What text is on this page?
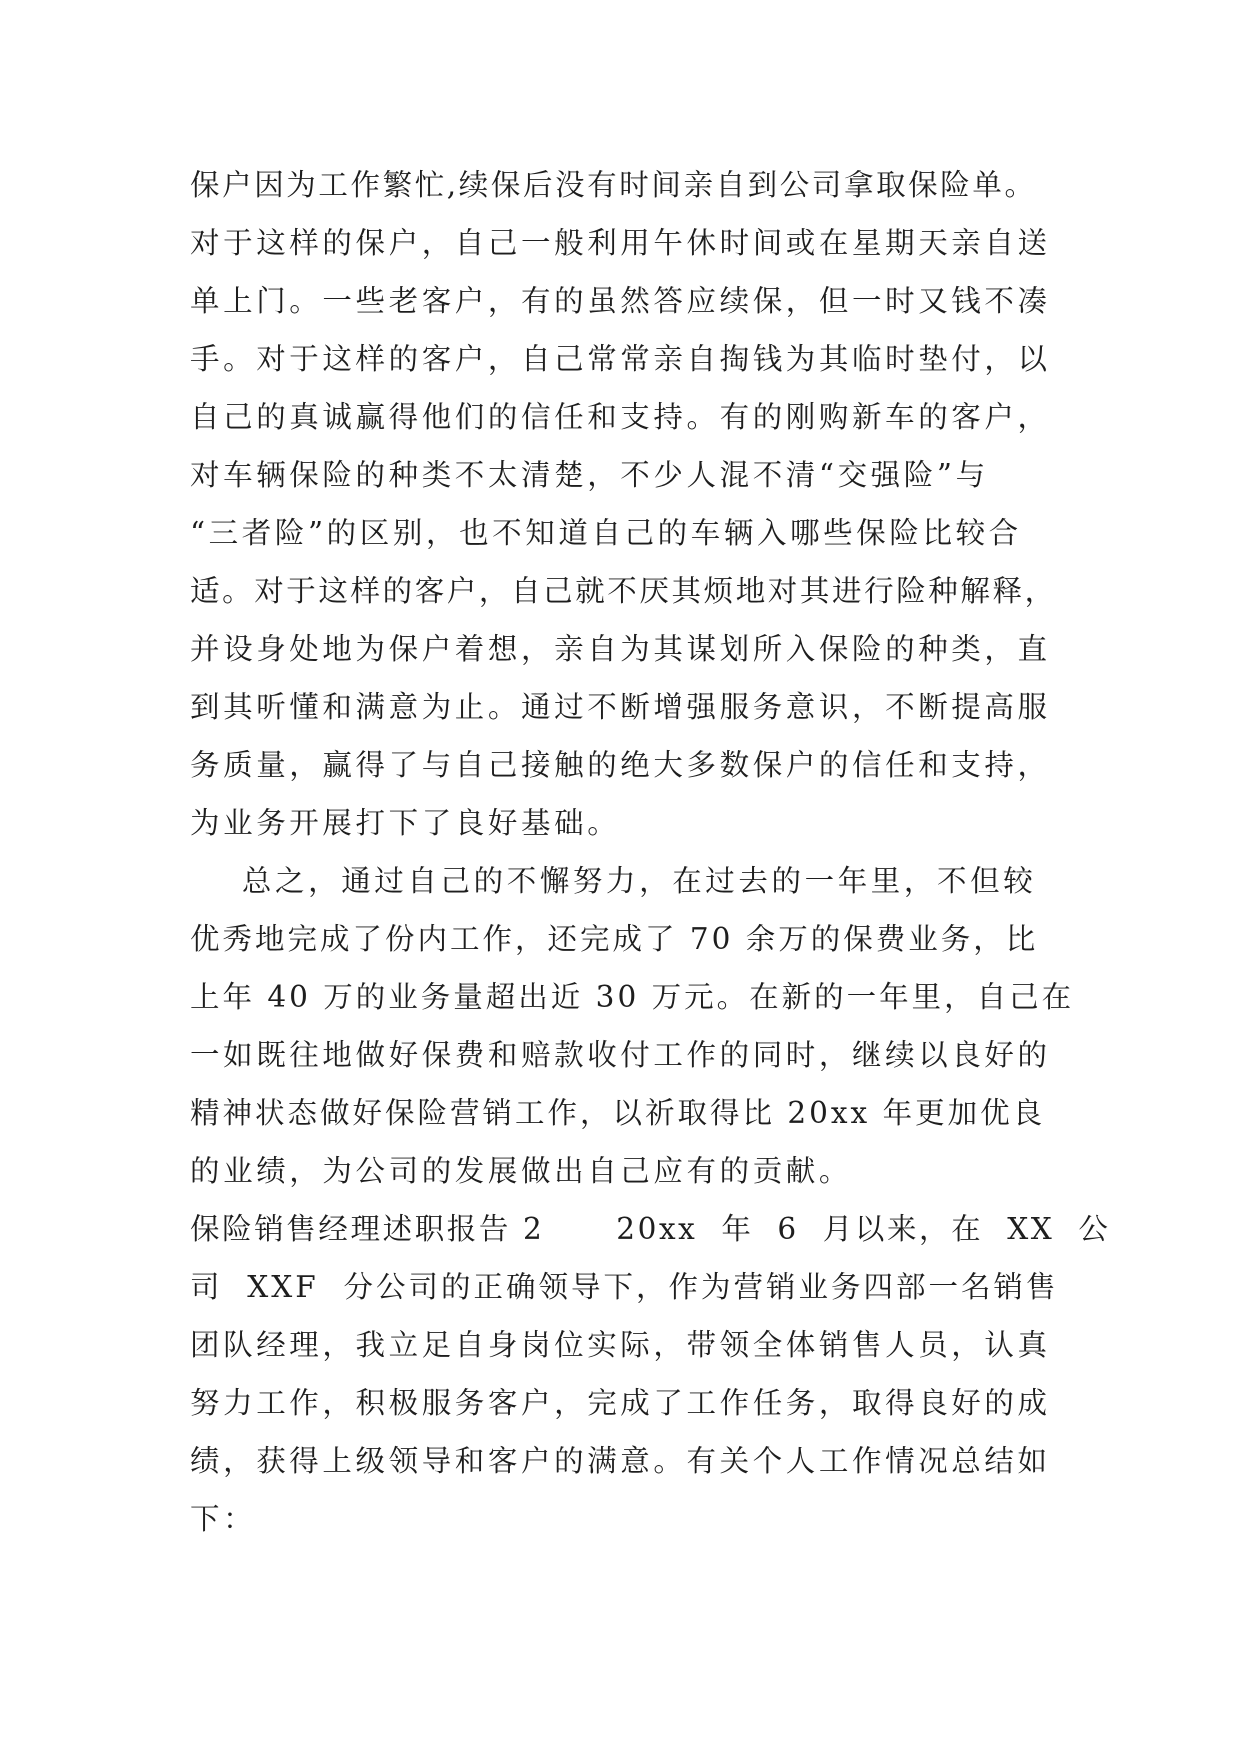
保户因为工作繁忙,续保后没有时间亲自到公司拿取保险单。
对于这样的保户，自己一般利用午休时间或在星期天亲自送
单上门。一些老客户，有的虽然答应续保，但一时又钱不凑
手。对于这样的客户，自己常常亲自掏钱为其临时垫付，以
自己的真诚赢得他们的信任和支持。有的刚购新车的客户，
对车辆保险的种类不太清楚，不少人混不清“交强险”与
“三者险”的区别，也不知道自己的车辆入哪些保险比较合
适。对于这样的客户，自己就不厌其烦地对其进行险种解释，
并设身处地为保户着想，亲自为其谋划所入保险的种类，直
到其听懂和满意为止。通过不断增强服务意识，不断提高服
务质量，赢得了与自己接触的绝大多数保户的信任和支持，
为业务开展打下了良好基础。
总之，通过自己的不懈努力，在过去的一年里，不但较
优秀地完成了份内工作，还完成了 70 余万的保费业务，比
上年 40 万的业务量超出近 30 万元。在新的一年里，自己在
一如既往地做好保费和赔款收付工作的同时，继续以良好的
精神状态做好保险营销工作，以祈取得比 20xx 年更加优良
的业绩，为公司的发展做出自己应有的贡献。
保险销售经理述职报告 2      20xx  年  6  月以来，在  XX  公
司  XXF  分公司的正确领导下，作为营销业务四部一名销售
团队经理，我立足自身岗位实际，带领全体销售人员，认真
努力工作，积极服务客户，完成了工作任务，取得良好的成
绩，获得上级领导和客户的满意。有关个人工作情况总结如
下：
